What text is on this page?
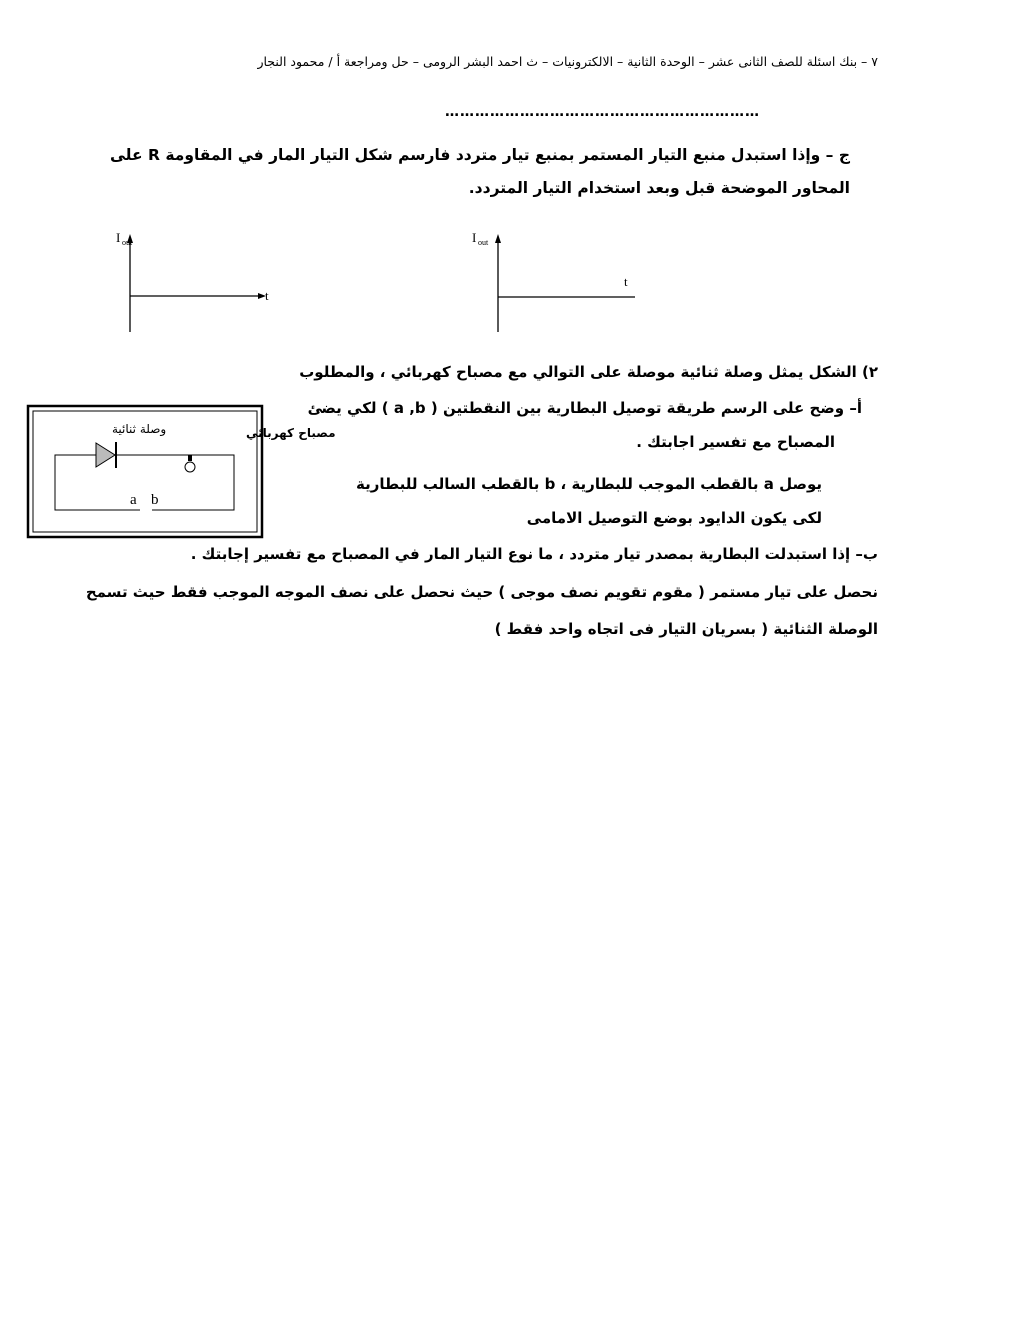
٧ – بنك اسئلة للصف الثانى عشر – الوحدة الثانية – الالكترونيات – ث احمد البشر الرومى – حل ومراجعة أ / محمود النجار
………………………………………………………
ج – وإذا استبدل منبع التيار المستمر بمنبع تيار متردد فارسم شكل التيار المار في المقاومة R على
المحاور الموضحة قبل وبعد استخدام التيار المتردد.
I out
t
I out
t
مصباح كهربائي
وصلة ثنائية
a b
٢) الشكل يمثل وصلة ثنائية موصلة على التوالي مع مصباح كهربائي ، والمطلوب
أ– وضح على الرسم طريقة توصيل البطارية بين النقطتين ( a ,b ) لكي يضئ
المصباح مع تفسير اجابتك .
يوصل a بالقطب الموجب للبطارية ، b بالقطب السالب للبطارية
لكى يكون الدايود بوضع التوصيل الامامى
ب– إذا استبدلت البطارية بمصدر تيار متردد ، ما نوع التيار المار في المصباح مع تفسير إجابتك .
نحصل على تيار مستمر ( مقوم تقويم نصف موجى ) حيث نحصل على نصف الموجه الموجب فقط حيث تسمح
الوصلة الثنائية ( بسريان التيار فى اتجاه واحد فقط )
